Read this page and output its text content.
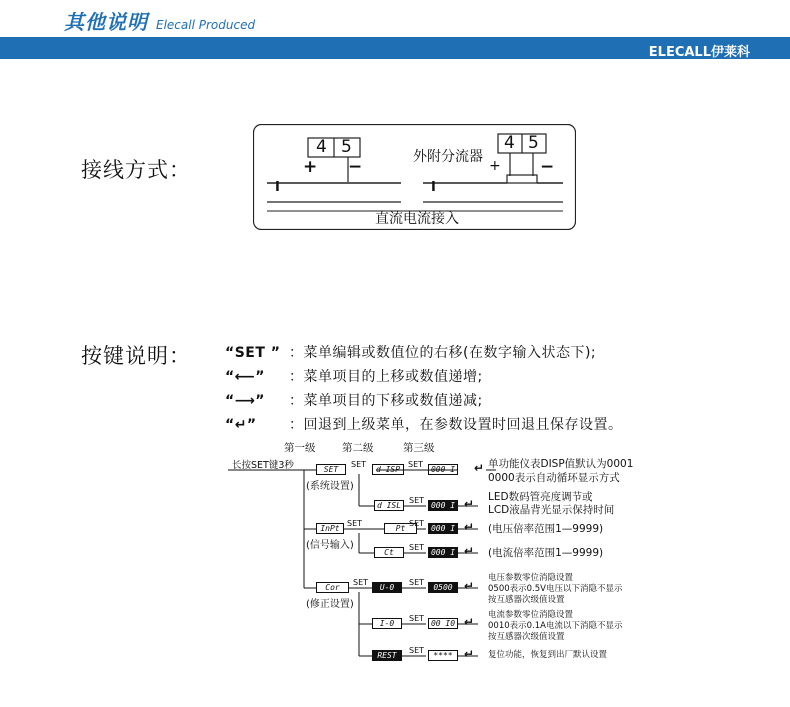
其他说明 Elecall Produced
ELECALL伊莱科
接线方式：
4 5	4 5
外附分流器
+ −	+ −
I	I
直流电流接入
按键说明： “SET ” ：菜单编辑或数值位的右移(在数字输入状态下);
“⟵” ：菜单项目的上移或数值递增;
“⟶” ：菜单项目的下移或数值递减;
“↵” ：回退到上级菜单，在参数设置时回退且保存设置。
第一级	第二级	第三级
长按SET键3秒	SET
(系统设置)
InPt
(信号输入)
Cor
(修正设置)
SET	SET
SET
SET	SET
SET
SET	SET
SET
SET
d ISP
d ISL
Pt
Ct
U-0
I-0
REST
000 I
000 I
000 I
000 I
0500
00 I0
****
↵
↵
↵
↵
↵
↵
↵
单功能仪表DISP值默认为0001
0000表示自动循环显示方式
LED数码管亮度调节或
LCD液晶背光显示保持时间
(电压倍率范围1—9999)
(电流倍率范围1—9999)
电压参数零位消隐设置
0500表示0.5V电压以下消隐不显示
按互感器次级值设置
电流参数零位消隐设置
0010表示0.1A电流以下消隐不显示
按互感器次级值设置
复位功能，恢复到出厂默认设置
